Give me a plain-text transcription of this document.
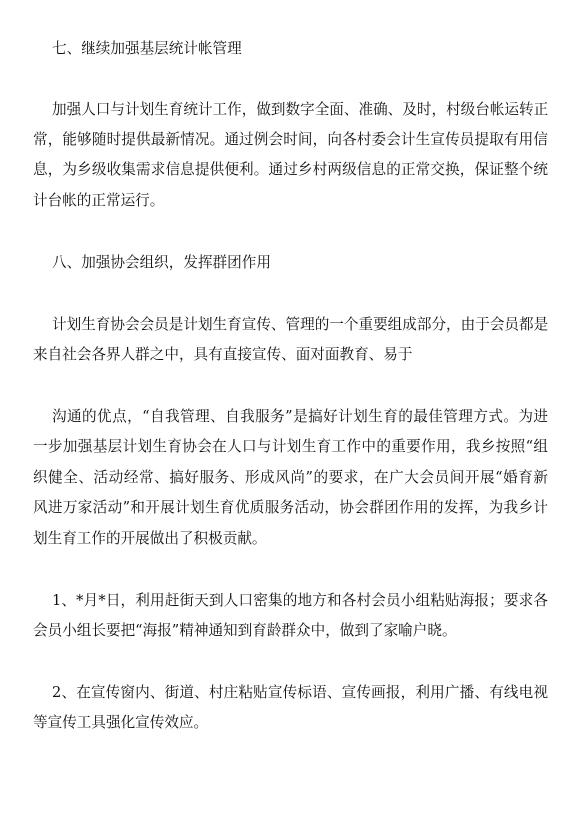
七、继续加强基层统计帐管理
加强人口与计划生育统计工作，做到数字全面、准确、及时，村级台帐运转正
常，能够随时提供最新情况。通过例会时间，向各村委会计生宣传员提取有用信
息，为乡级收集需求信息提供便利。通过乡村两级信息的正常交换，保证整个统
计台帐的正常运行。
八、加强协会组织，发挥群团作用
计划生育协会会员是计划生育宣传、管理的一个重要组成部分，由于会员都是
来自社会各界人群之中，具有直接宣传、面对面教育、易于
沟通的优点，“自我管理、自我服务”是搞好计划生育的最佳管理方式。为进
一步加强基层计划生育协会在人口与计划生育工作中的重要作用，我乡按照“组
织健全、活动经常、搞好服务、形成风尚”的要求，在广大会员间开展“婚育新
风进万家活动”和开展计划生育优质服务活动，协会群团作用的发挥，为我乡计
划生育工作的开展做出了积极贡献。
1、*月*日，利用赶街天到人口密集的地方和各村会员小组粘贴海报；要求各
会员小组长要把“海报”精神通知到育龄群众中，做到了家喻户晓。
2、在宣传窗内、街道、村庄粘贴宣传标语、宣传画报，利用广播、有线电视
等宣传工具强化宣传效应。
